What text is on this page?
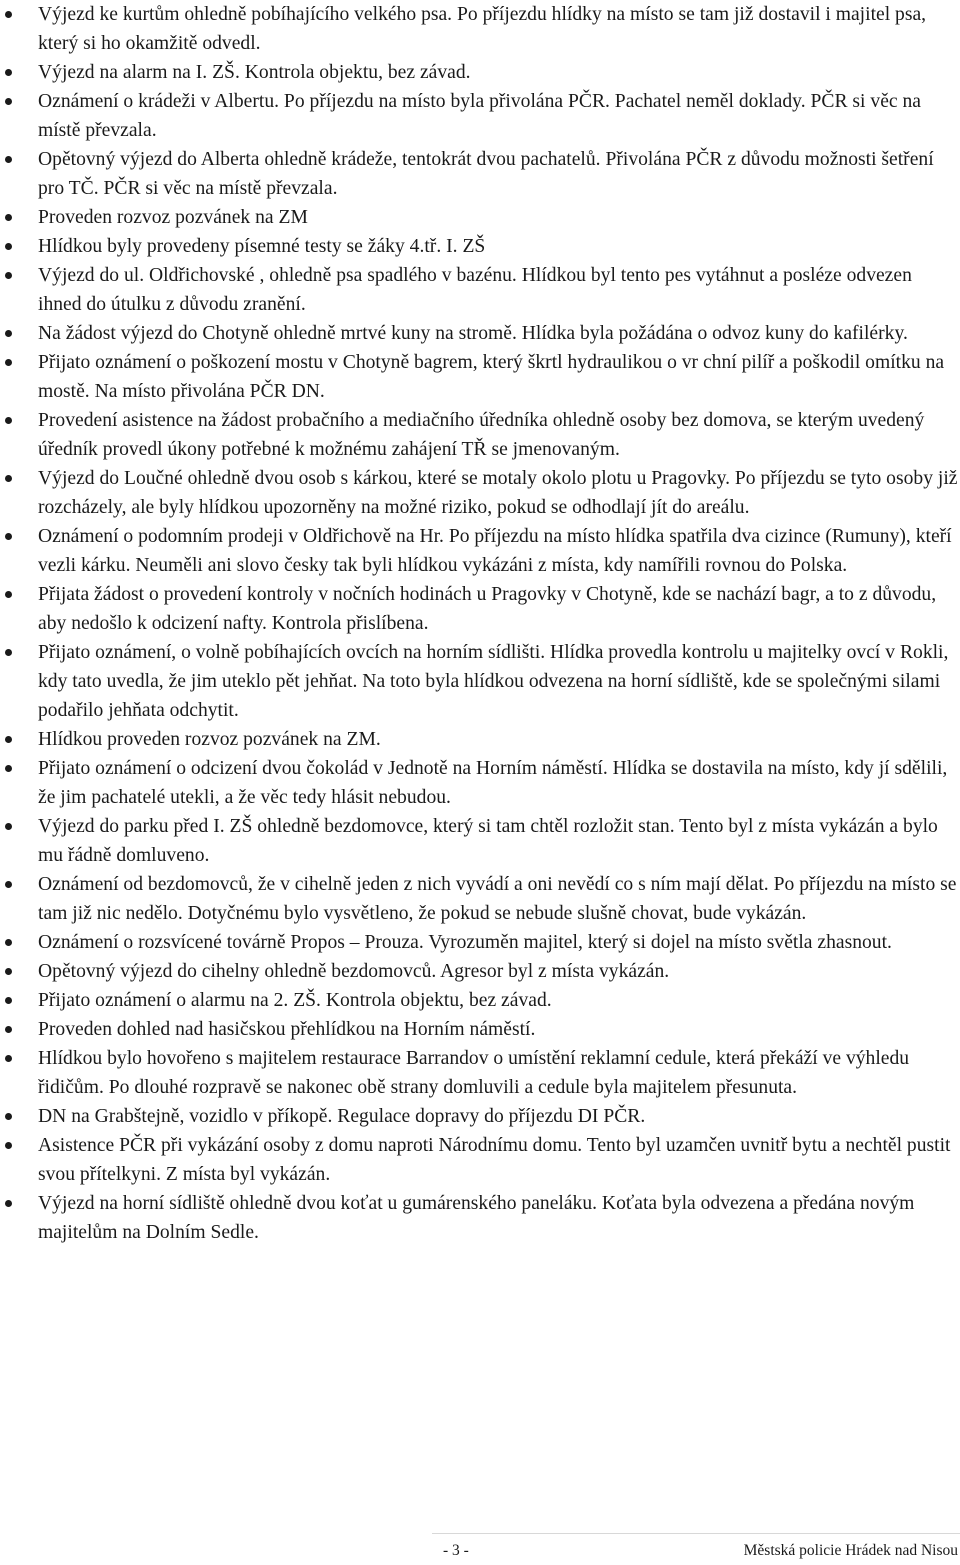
Výjezd ke kurtům ohledně pobíhajícího velkého psa. Po příjezdu hlídky na místo se tam již dostavil i majitel psa, který si ho okamžitě odvedl.
Výjezd na alarm na I. ZŠ. Kontrola objektu, bez závad.
Oznámení o krádeži v Albertu. Po příjezdu na místo byla přivolána PČR. Pachatel neměl doklady. PČR si věc na místě převzala.
Opětovný výjezd do Alberta ohledně krádeže, tentokrát dvou pachatelů. Přivolána PČR z důvodu možnosti šetření pro TČ. PČR si věc na místě převzala.
Proveden rozvoz pozvánek na ZM
Hlídkou byly provedeny písemné testy se žáky 4.tř. I. ZŠ
Výjezd do ul. Oldřichovské , ohledně psa spadlého v bazénu. Hlídkou byl tento pes vytáhnut a posléze odvezen ihned do útulku z důvodu zranění.
Na žádost výjezd do Chotyně ohledně mrtvé kuny na stromě. Hlídka byla požádána o odvoz kuny do kafilérky.
Přijato oznámení o poškození mostu v Chotyně bagrem, který škrtl hydraulikou o vr chní pilíř a poškodil omítku na mostě. Na místo přivolána PČR DN.
Provedení asistence na žádost probačního a mediačního úředníka ohledně osoby bez domova, se kterým uvedený úředník provedl úkony potřebné k možnému zahájení TŘ se jmenovaným.
Výjezd do Loučné ohledně dvou osob s kárkou, které se motaly okolo plotu u Pragovky. Po příjezdu se tyto osoby již rozcházely, ale byly hlídkou upozorněny na možné riziko, pokud se odhodlají jít do areálu.
Oznámení o podomním prodeji v Oldřichově na Hr. Po příjezdu na místo hlídka spatřila dva cizince (Rumuny), kteří vezli kárku. Neuměli ani slovo česky tak byli hlídkou vykázáni z místa, kdy namířili rovnou do Polska.
Přijata žádost o provedení kontroly v nočních hodinách u Pragovky v Chotyně, kde se nachází bagr, a to z důvodu, aby nedošlo k odcizení nafty. Kontrola přislíbena.
Přijato oznámení, o volně pobíhajících ovcích na horním sídlišti. Hlídka provedla kontrolu u majitelky ovcí v Rokli, kdy tato uvedla, že jim uteklo pět jehňat. Na toto byla hlídkou odvezena na horní sídliště, kde se společnými silami podařilo jehňata odchytit.
Hlídkou proveden rozvoz pozvánek na ZM.
Přijato oznámení o odcizení dvou čokolád v Jednotě na Horním náměstí. Hlídka se dostavila na místo, kdy jí sdělili, že jim pachatelé utekli, a že věc tedy hlásit nebudou.
Výjezd do parku před I. ZŠ ohledně bezdomovce, který si tam chtěl rozložit stan. Tento byl z místa vykázán a bylo mu řádně domluveno.
Oznámení od bezdomovců, že v cihelně jeden z nich vyvádí a oni nevědí co s ním mají dělat. Po příjezdu na místo se tam již nic nedělo. Dotyčnému bylo vysvětleno, že pokud se nebude slušně chovat, bude vykázán.
Oznámení o rozsvícené továrně Propos – Prouza. Vyrozuměn majitel, který si dojel na místo světla zhasnout.
Opětovný výjezd do cihelny ohledně bezdomovců. Agresor byl z místa vykázán.
Přijato oznámení o alarmu na 2. ZŠ. Kontrola objektu, bez závad.
Proveden dohled nad hasičskou přehlídkou na Horním náměstí.
Hlídkou bylo hovořeno s majitelem restaurace Barrandov o umístění reklamní cedule, která překáží ve výhledu řidičům. Po dlouhé rozpravě se nakonec obě strany domluvili a cedule byla majitelem přesunuta.
DN na Grabštejně, vozidlo v příkopě. Regulace dopravy do příjezdu DI PČR.
Asistence PČR při vykázání osoby z domu naproti Národnímu domu. Tento byl uzamčen uvnitř bytu a nechtěl pustit svou přítelkyni. Z místa byl vykázán.
Výjezd na horní sídliště ohledně dvou koťat u gumárenského paneláku. Koťata byla odvezena a předána novým majitelům na Dolním Sedle.
- 3 -	Městská policie Hrádek nad Nisou
